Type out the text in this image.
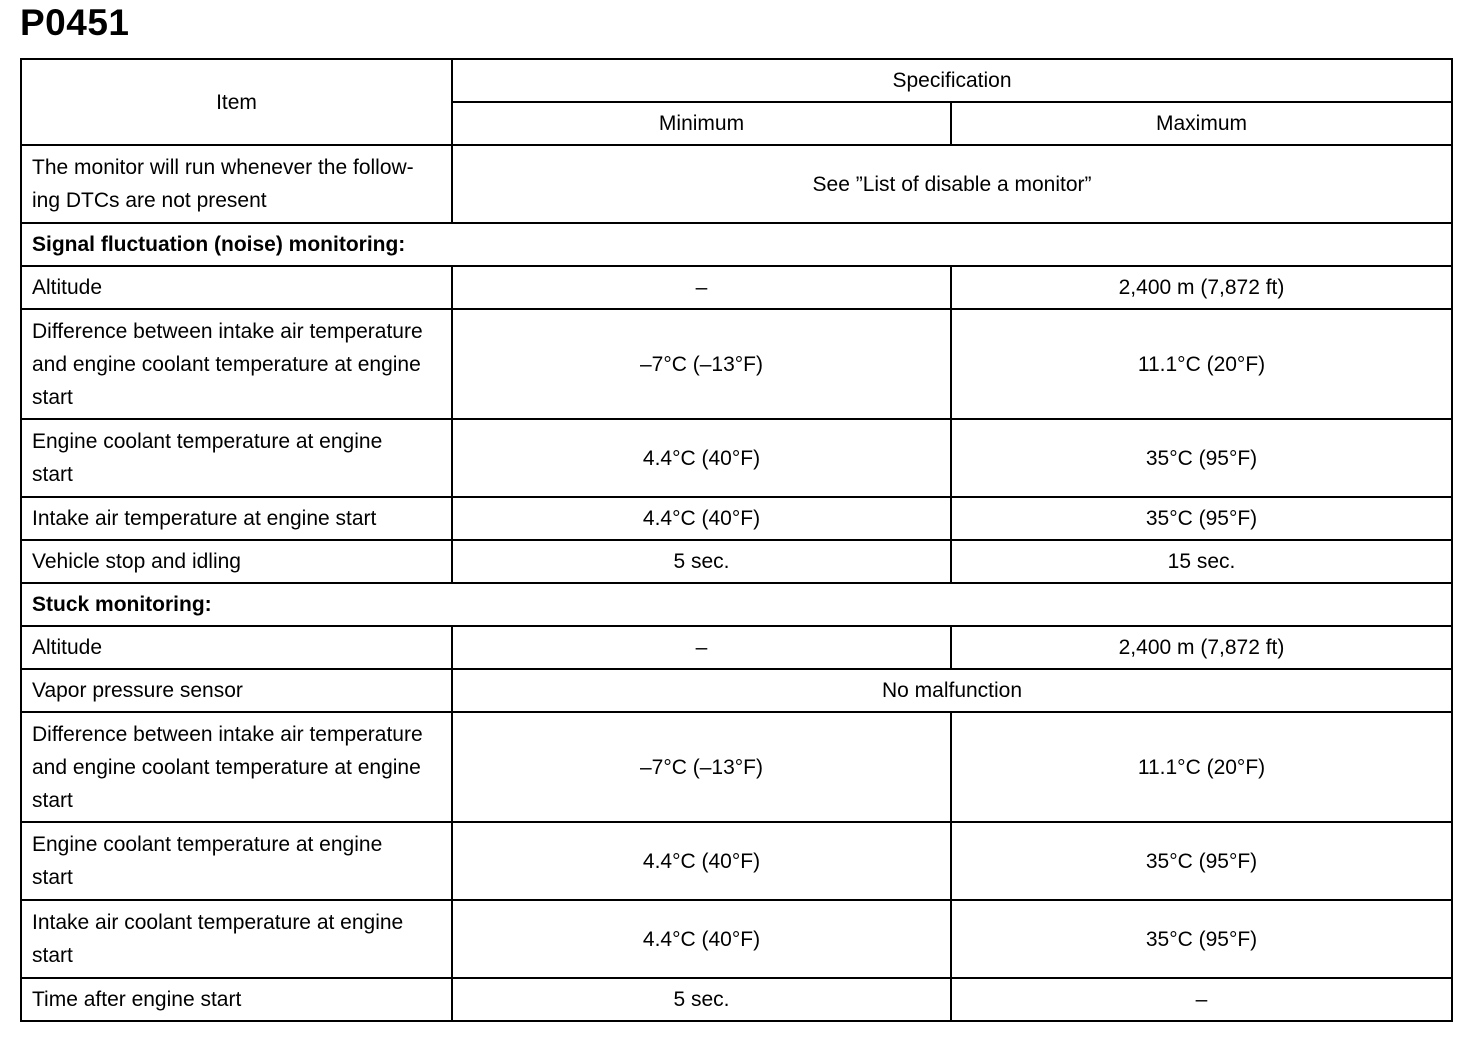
P0451
Item	Specification	
	Minimum	Maximum

The monitor will run whenever the follow-
ing DTCs are not present	See ”List of disable a monitor”	
Signal fluctuation (noise) monitoring:		

Altitude	–	2,400 m (7,872 ft)

Difference between intake air temperature
and engine coolant temperature at engine
start	–7°C (–13°F)	11.1°C (20°F)

Engine coolant temperature at engine
start	4.4°C (40°F)	35°C (95°F)

Intake air temperature at engine start	4.4°C (40°F)	35°C (95°F)

Vehicle stop and idling	5 sec.	15 sec.
Stuck monitoring:		

Altitude	–	2,400 m (7,872 ft)

Vapor pressure sensor	No malfunction	

Difference between intake air temperature
and engine coolant temperature at engine
start	–7°C (–13°F)	11.1°C (20°F)

Engine coolant temperature at engine
start	4.4°C (40°F)	35°C (95°F)

Intake air coolant temperature at engine
start	4.4°C (40°F)	35°C (95°F)

Time after engine start	5 sec.	–
